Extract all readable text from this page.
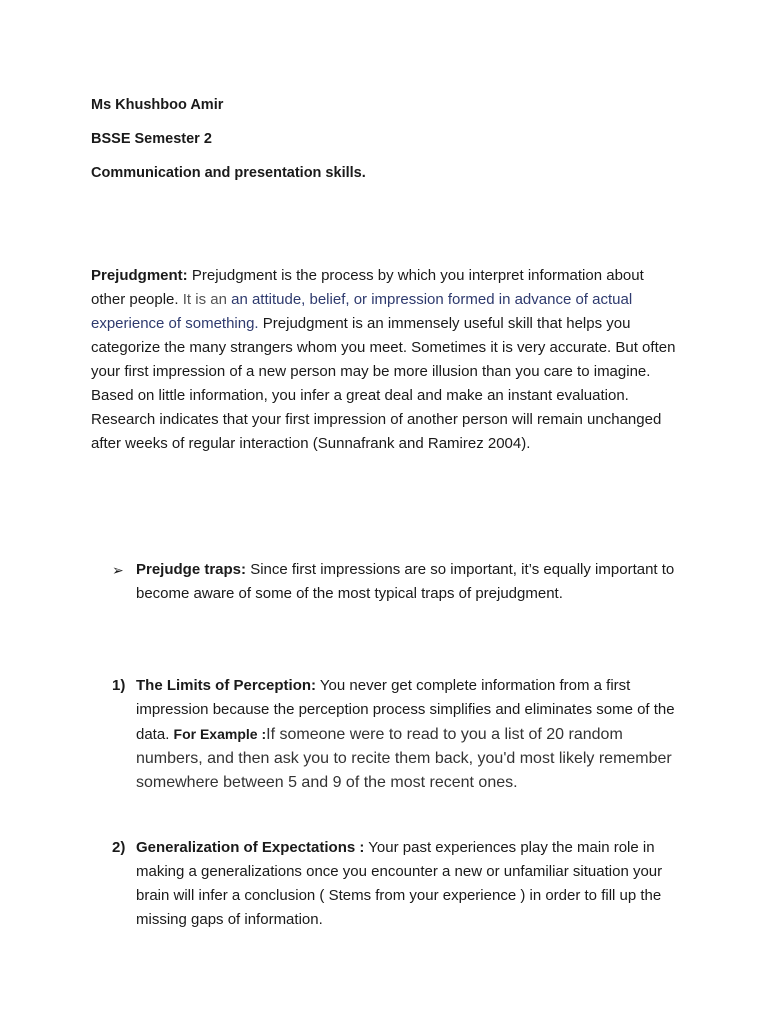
Ms Khushboo Amir
BSSE Semester 2
Communication and presentation skills.
Prejudgment: Prejudgment is the process by which you interpret information about other people. It is an an attitude, belief, or impression formed in advance of actual experience of something. Prejudgment is an immensely useful skill that helps you categorize the many strangers whom you meet. Sometimes it is very accurate. But often your first impression of a new person may be more illusion than you care to imagine. Based on little information, you infer a great deal and make an instant evaluation. Research indicates that your first impression of another person will remain unchanged after weeks of regular interaction (Sunnafrank and Ramirez 2004).
➢ Prejudge traps: Since first impressions are so important, it’s equally important to become aware of some of the most typical traps of prejudgment.
1) The Limits of Perception: You never get complete information from a first impression because the perception process simplifies and eliminates some of the data. For Example :If someone were to read to you a list of 20 random numbers, and then ask you to recite them back, you'd most likely remember somewhere between 5 and 9 of the most recent ones.
2) Generalization of Expectations : Your past experiences play the main role in making a generalizations once you encounter a new or unfamiliar situation your brain will infer a conclusion ( Stems from your experience ) in order to fill up the missing gaps of information.
